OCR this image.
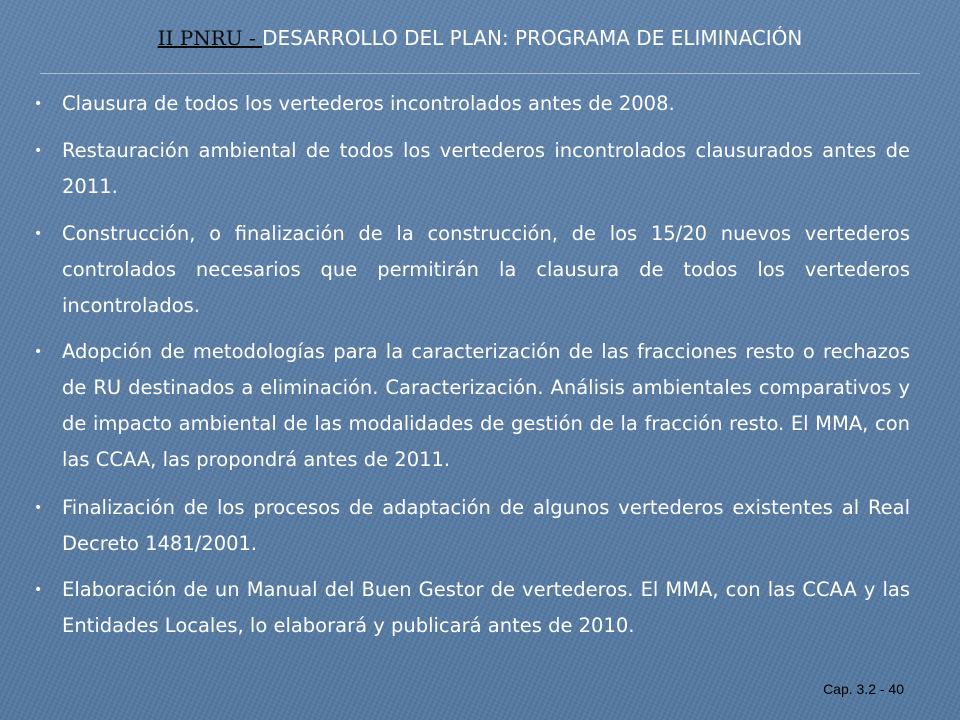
II PNRU - DESARROLLO DEL PLAN: PROGRAMA DE ELIMINACIÓN
•	Clausura de todos los vertederos incontrolados antes de 2008.
•	Restauración ambiental de todos los vertederos incontrolados clausurados antes de 2011.
•	Construcción, o finalización de la construcción, de los 15/20 nuevos vertederos controlados necesarios que permitirán la clausura de todos los vertederos incontrolados.
•	Adopción de metodologías para la caracterización de las fracciones resto o rechazos de RU destinados a eliminación. Caracterización. Análisis ambientales comparativos y de impacto ambiental de las modalidades de gestión de la fracción resto. El MMA, con las CCAA, las propondrá antes de 2011.
•	Finalización de los procesos de adaptación de algunos vertederos existentes al Real Decreto 1481/2001.
•	Elaboración de un Manual del Buen Gestor de vertederos. El MMA, con las CCAA y las Entidades Locales, lo elaborará y publicará antes de 2010.
Cap. 3.2 - 40
